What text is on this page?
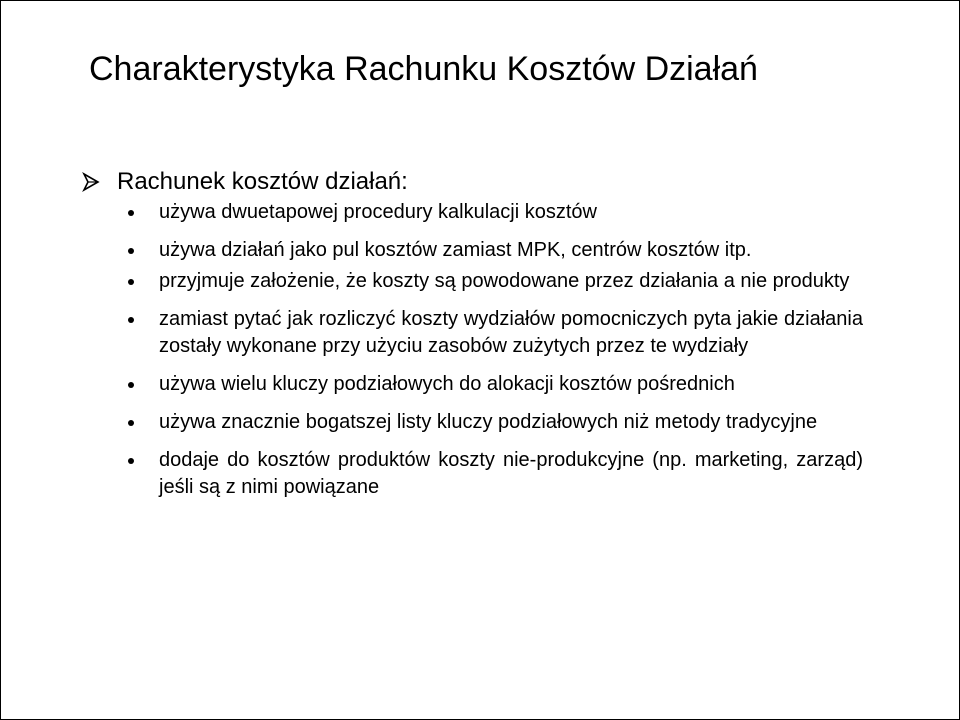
Charakterystyka Rachunku Kosztów Działań
Rachunek kosztów działań:
używa dwuetapowej procedury kalkulacji kosztów
używa działań jako pul kosztów zamiast MPK, centrów kosztów itp.
przyjmuje założenie, że koszty są powodowane przez działania a nie produkty
zamiast pytać jak rozliczyć koszty wydziałów pomocniczych pyta jakie działania zostały wykonane przy użyciu zasobów zużytych przez te wydziały
używa wielu kluczy podziałowych do alokacji kosztów pośrednich
używa znacznie bogatszej listy kluczy podziałowych niż metody tradycyjne
dodaje do kosztów produktów koszty nie-produkcyjne (np. marketing, zarząd) jeśli są z nimi powiązane
